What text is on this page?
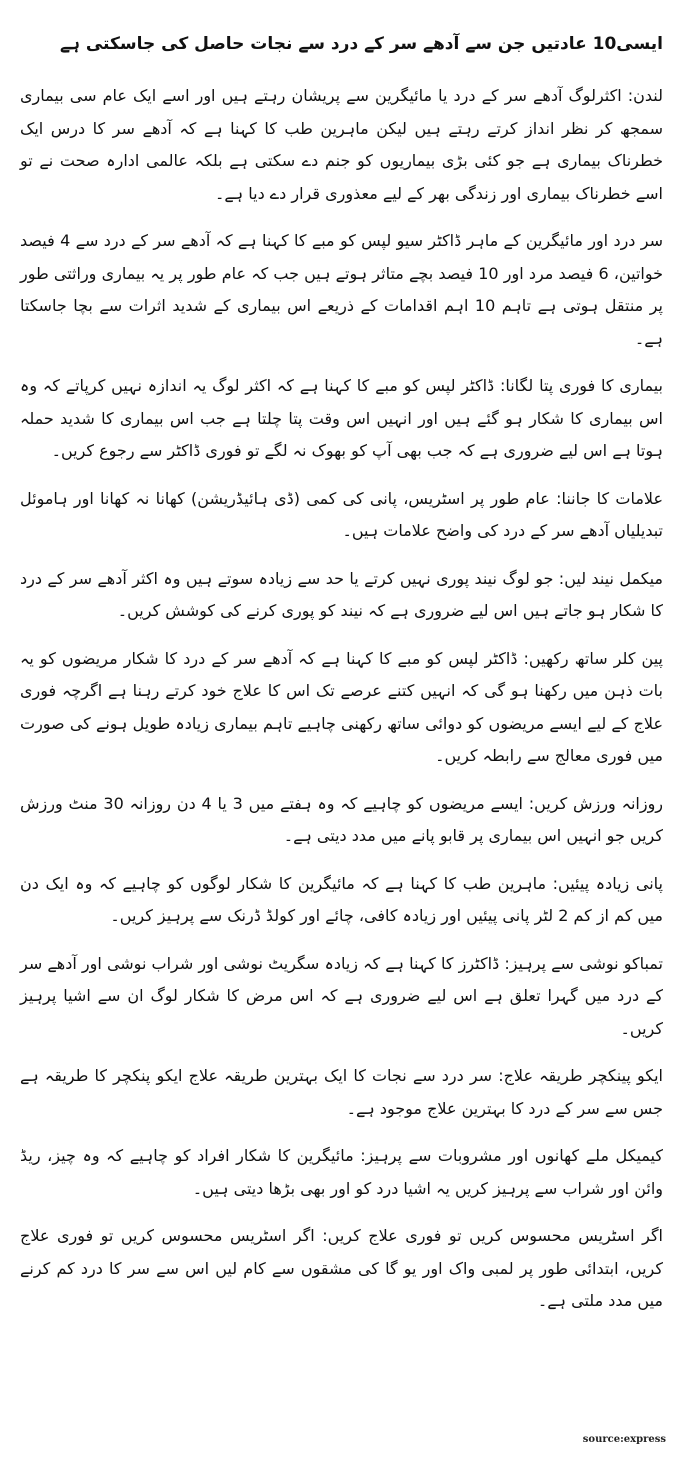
ایسی10 عادتیں جن سے آدھے سر کے درد سے نجات حاصل کی جاسکتی ہے

لندن: اکثرلوگ آدھے سر کے درد یا مائیگرین سے پریشان رہتے ہیں اور اسے ایک عام سی بیماری سمجھ کر نظر انداز کرتے رہتے ہیں لیکن ماہرین طب کا کہنا ہے کہ آدھے سر کا درس ایک خطرناک بیماری ہے جو کئی بڑی بیماریوں کو جنم دے سکتی ہے بلکہ عالمی ادارہ صحت نے تو اسے خطرناک بیماری اور زندگی بھر کے لیے معذوری قرار دے دیا ہے۔

سر درد اور مائیگرین کے ماہر ڈاکٹر سیو لپس کو مبے کا کہنا ہے کہ آدھے سر کے درد سے 4 فیصد خواتین، 6 فیصد مرد اور 10 فیصد بچے متاثر ہوتے ہیں جب کہ عام طور پر یہ بیماری وراثتی طور پر منتقل ہوتی ہے تاہم 10 اہم اقدامات کے ذریعے اس بیماری کے شدید اثرات سے بچا جاسکتا ہے۔

بیماری کا فوری پتا لگانا: ڈاکٹر لپس کو مبے کا کہنا ہے کہ اکثر لوگ یہ اندازہ نہیں کرپاتے کہ وہ اس بیماری کا شکار ہو گئے ہیں اور انہیں اس وقت پتا چلتا ہے جب اس بیماری کا شدید حملہ ہوتا ہے اس لیے ضروری ہے کہ جب بھی آپ کو بھوک نہ لگے تو فوری ڈاکٹر سے رجوع کریں۔

علامات کا جاننا: عام طور پر اسٹریس، پانی کی کمی (ڈی ہائیڈریشن) کھانا نہ کھانا اور ہاموئل تبدیلیاں آدھے سر کے درد کی واضح علامات ہیں۔

میکمل نیند لیں: جو لوگ نیند پوری نہیں کرتے یا حد سے زیادہ سوتے ہیں وہ اکثر آدھے سر کے درد کا شکار ہو جاتے ہیں اس لیے ضروری ہے کہ نیند کو پوری کرنے کی کوشش کریں۔

پین کلر ساتھ رکھیں: ڈاکٹر لپس کو مبے کا کہنا ہے کہ آدھے سر کے درد کا شکار مریضوں کو یہ بات ذہن میں رکھنا ہو گی کہ انہیں کتنے عرصے تک اس کا علاج خود کرتے رہنا ہے اگرچہ فوری علاج کے لیے ایسے مریضوں کو دوائی ساتھ رکھنی چاہیے تاہم بیماری زیادہ طویل ہونے کی صورت میں فوری معالج سے رابطہ کریں۔

روزانہ ورزش کریں: ایسے مریضوں کو چاہیے کہ وہ ہفتے میں 3 یا 4 دن روزانہ 30 منٹ ورزش کریں جو انہیں اس بیماری پر قابو پانے میں مدد دیتی ہے۔

پانی زیادہ پیئیں: ماہرین طب کا کہنا ہے کہ مائیگرین کا شکار لوگوں کو چاہیے کہ وہ ایک دن میں کم از کم 2 لٹر پانی پیئیں اور زیادہ کافی، چائے اور کولڈ ڈرنک سے پرہیز کریں۔

تمباکو نوشی سے پرہیز: ڈاکٹرز کا کہنا ہے کہ زیادہ سگریٹ نوشی اور شراب نوشی اور آدھے سر کے درد میں گہرا تعلق ہے اس لیے ضروری ہے کہ اس مرض کا شکار لوگ ان سے اشیا پرہیز کریں۔

ایکو پینکچر طریقہ علاج: سر درد سے نجات کا ایک بہترین طریقہ علاج ایکو پنکچر کا طریقہ ہے جس سے سر کے درد کا بہترین علاج موجود ہے۔

کیمیکل ملے کھانوں اور مشروبات سے پرہیز: مائیگرین کا شکار افراد کو چاہیے کہ وہ چیز، ریڈ وائن اور شراب سے پرہیز کریں یہ اشیا درد کو اور بھی بڑھا دیتی ہیں۔

اگر اسٹریس محسوس کریں تو فوری علاج کریں: اگر اسٹریس محسوس کریں تو فوری علاج کریں، ابتدائی طور پر لمبی واک اور یو گا کی مشقوں سے کام لیں اس سے سر کا درد کم کرنے میں مدد ملتی ہے۔

source:express
